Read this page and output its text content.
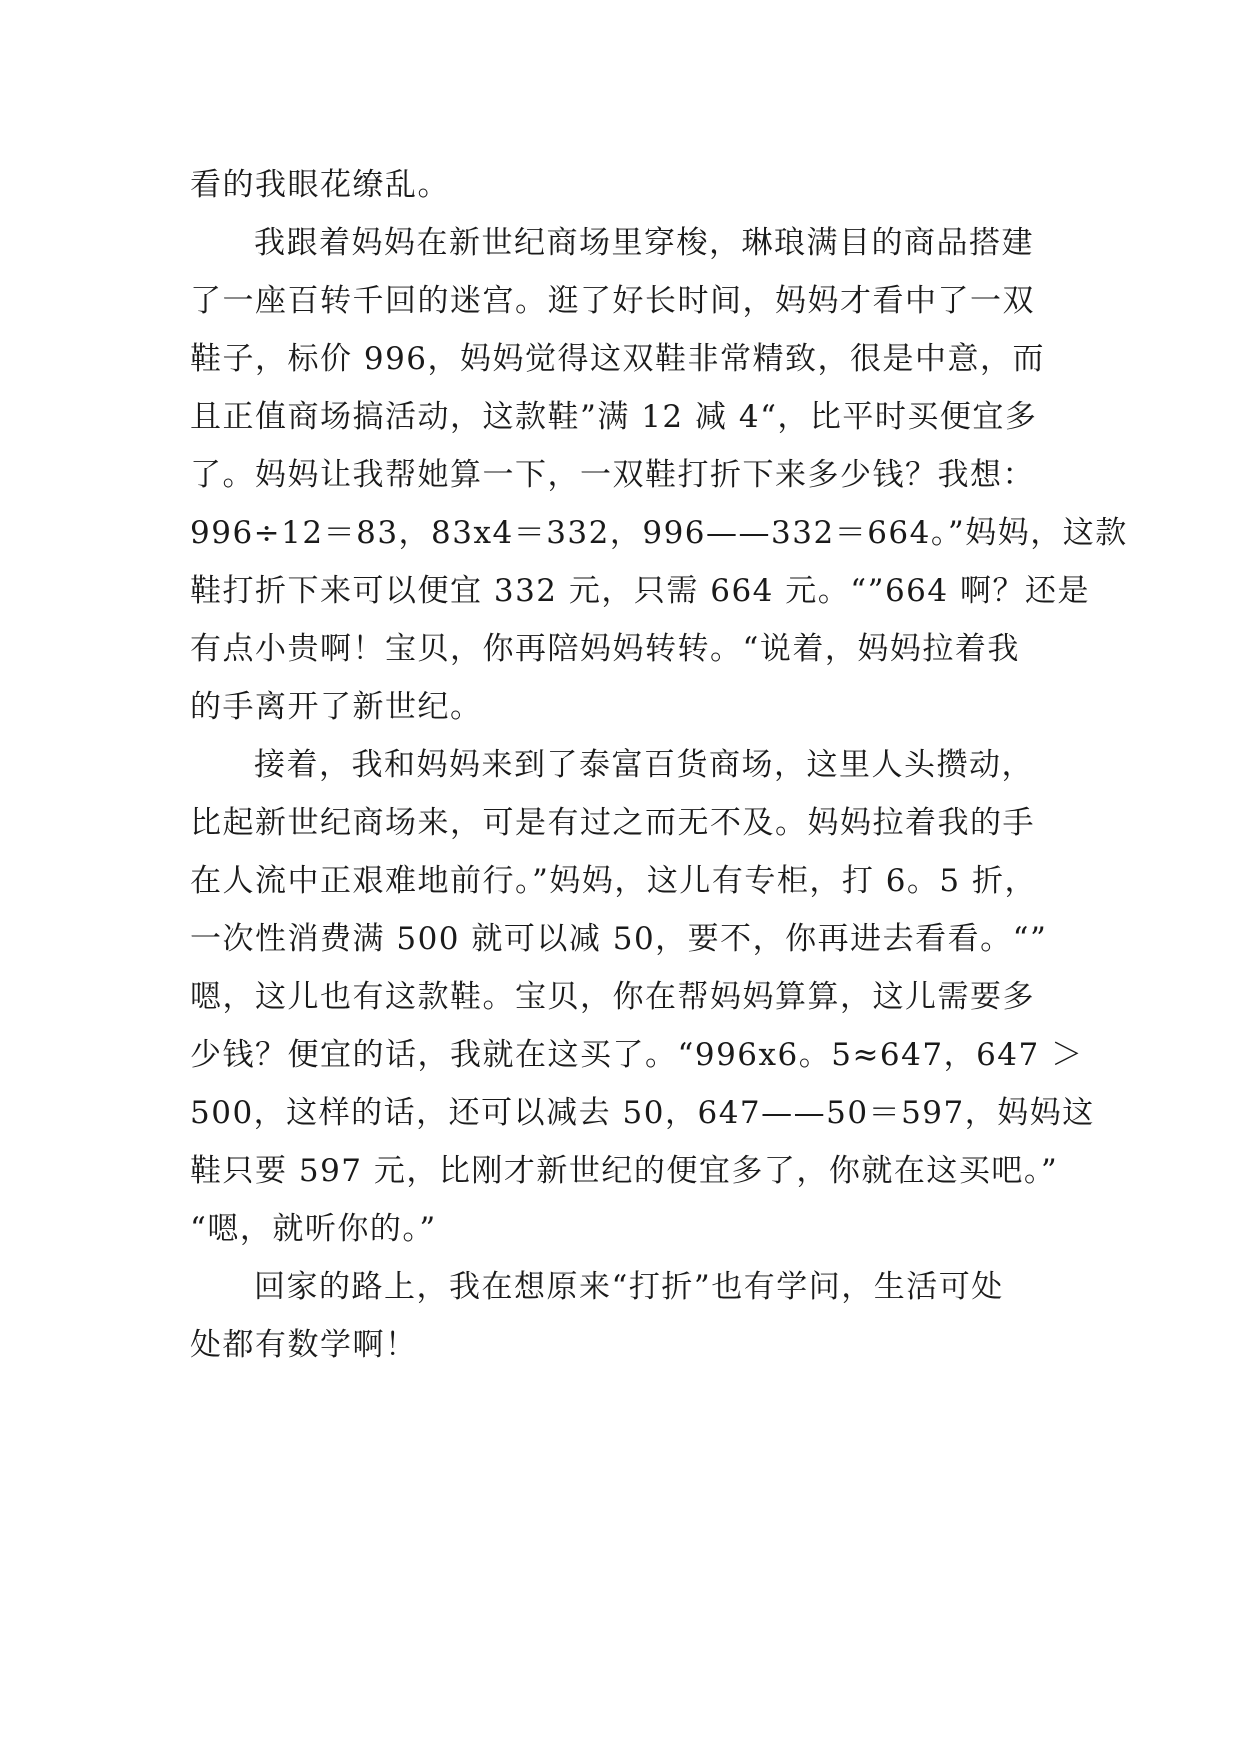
看的我眼花缭乱。
我跟着妈妈在新世纪商场里穿梭，琳琅满目的商品搭建
了一座百转千回的迷宫。逛了好长时间，妈妈才看中了一双
鞋子，标价 996，妈妈觉得这双鞋非常精致，很是中意，而
且正值商场搞活动，这款鞋”满 12 减 4“，比平时买便宜多
了。妈妈让我帮她算一下，一双鞋打折下来多少钱？我想：
996÷12＝83，83x4＝332，996——332＝664。”妈妈，这款
鞋打折下来可以便宜 332 元，只需 664 元。“”664 啊？还是
有点小贵啊！宝贝，你再陪妈妈转转。“说着，妈妈拉着我
的手离开了新世纪。
接着，我和妈妈来到了泰富百货商场，这里人头攒动，
比起新世纪商场来，可是有过之而无不及。妈妈拉着我的手
在人流中正艰难地前行。”妈妈，这儿有专柜，打 6。5 折，
一次性消费满 500 就可以减 50，要不，你再进去看看。“”
嗯，这儿也有这款鞋。宝贝，你在帮妈妈算算，这儿需要多
少钱？便宜的话，我就在这买了。“996x6。5≈647，647 ＞
500，这样的话，还可以减去 50，647——50＝597，妈妈这
鞋只要 597 元，比刚才新世纪的便宜多了，你就在这买吧。”
“嗯，就听你的。”
回家的路上，我在想原来“打折”也有学问，生活可处
处都有数学啊！
